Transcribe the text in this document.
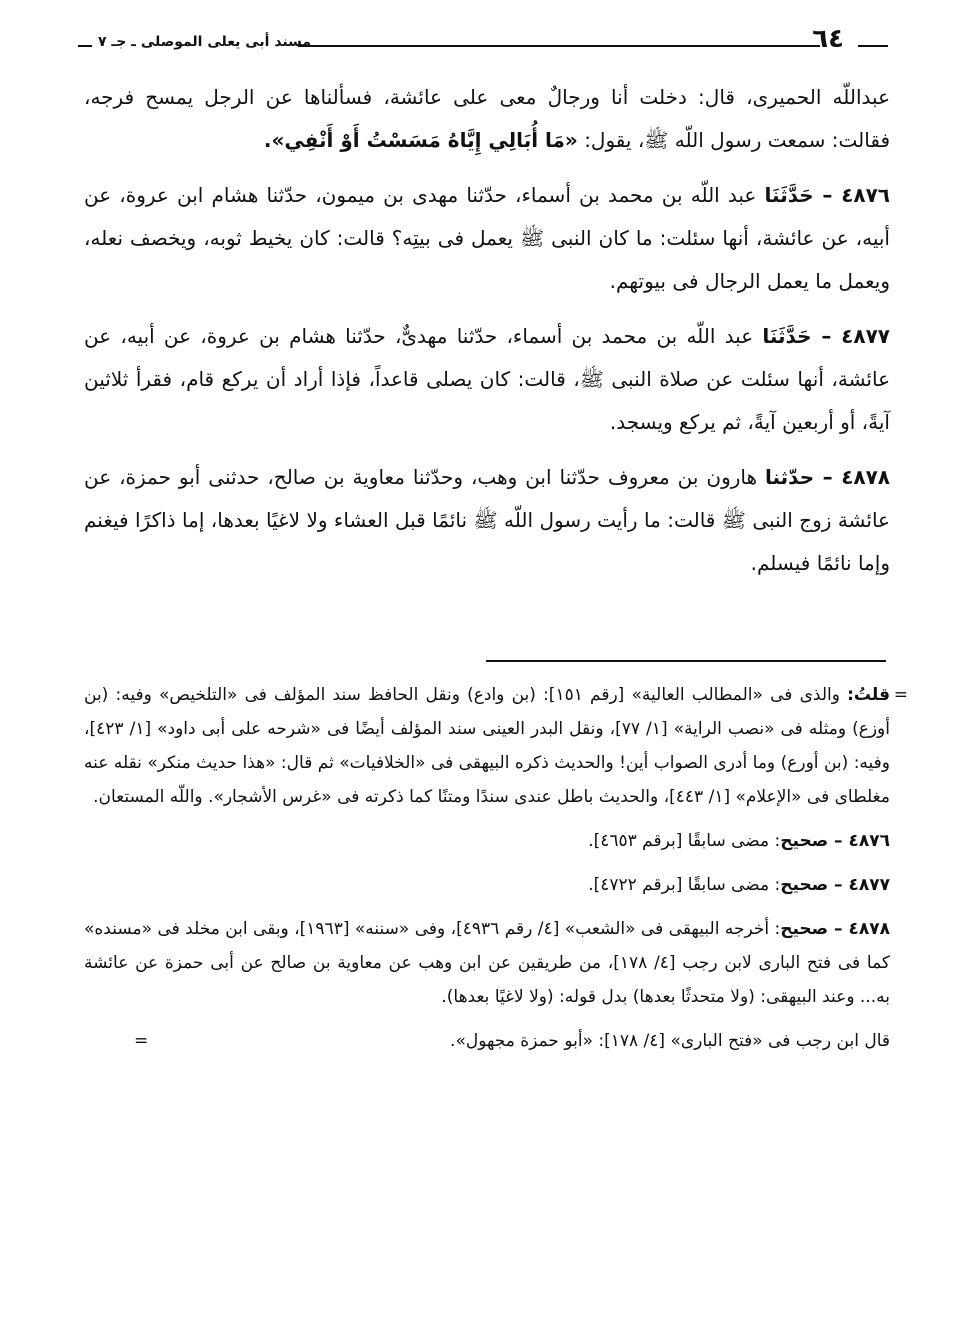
٦٤
مسند أبى يعلى الموصلى ـ جـ ٧

عبداللّه الحميرى، قال: دخلت أنا ورجالٌ معى على عائشة، فسألناها عن الرجل يمسح فرجه، فقالت: سمعت رسول اللّه ﷺ، يقول: «مَا أُبَالِي إِيَّاهُ مَسَسْتُ أَوْ أَنْفِي».

٤٨٧٦ – حَدَّثَنَا عبد اللّه بن محمد بن أسماء، حدّثنا مهدى بن ميمون، حدّثنا هشام ابن عروة، عن أبيه، عن عائشة، أنها سئلت: ما كان النبى ﷺ يعمل فى بيتِه؟ قالت: كان يخيط ثوبه، ويخصف نعله، ويعمل ما يعمل الرجال فى بيوتهم.

٤٨٧٧ – حَدَّثَنَا عبد اللّه بن محمد بن أسماء، حدّثنا مهدىٌّ، حدّثنا هشام بن عروة، عن أبيه، عن عائشة، أنها سئلت عن صلاة النبى ﷺ، قالت: كان يصلى قاعداً، فإذا أراد أن يركع قام، فقرأ ثلاثين آيةً، أو أربعين آيةً، ثم يركع ويسجد.

٤٨٧٨ – حدّثنا هارون بن معروف حدّثنا ابن وهب، وحدّثنا معاوية بن صالح، حدثنى أبو حمزة، عن عائشة زوج النبى ﷺ قالت: ما رأيت رسول اللّه ﷺ نائمًا قبل العشاء ولا لاغيًا بعدها، إما ذاكرًا فيغنم وإما نائمًا فيسلم.

=
قلتُ: والذى فى «المطالب العالية» [رقم ١٥١]: (بن وادع) ونقل الحافظ سند المؤلف فى «التلخيص» وفيه: (بن أوزع) ومثله فى «نصب الراية» [١/ ٧٧]، ونقل البدر العينى سند المؤلف أيضًا فى «شرحه على أبى داود» [١/ ٤٢٣]، وفيه: (بن أورع) وما أدرى الصواب أين! والحديث ذكره البيهقى فى «الخلافيات» ثم قال: «هذا حديث منكر» نقله عنه مغلطاى فى «الإعلام» [١/ ٤٤٣]، والحديث باطل عندى سندًا ومتنًا كما ذكرته فى «غرس الأشجار». واللّه المستعان.

٤٨٧٦ – صحيح: مضى سابقًا [برقم ٤٦٥٣].

٤٨٧٧ – صحيح: مضى سابقًا [برقم ٤٧٢٢].

٤٨٧٨ – صحيح: أخرجه البيهقى فى «الشعب» [٤/ رقم ٤٩٣٦]، وفى «سننه» [١٩٦٣]، وبقى ابن مخلد فى «مسنده» كما فى فتح البارى لابن رجب [٤/ ١٧٨]، من طريقين عن ابن وهب عن معاوية بن صالح عن أبى حمزة عن عائشة به... وعند البيهقى: (ولا متحدثًا بعدها) بدل قوله: (ولا لاغيًا بعدها).

قال ابن رجب فى «فتح البارى» [٤/ ١٧٨]: «أبو حمزة مجهول».
=
